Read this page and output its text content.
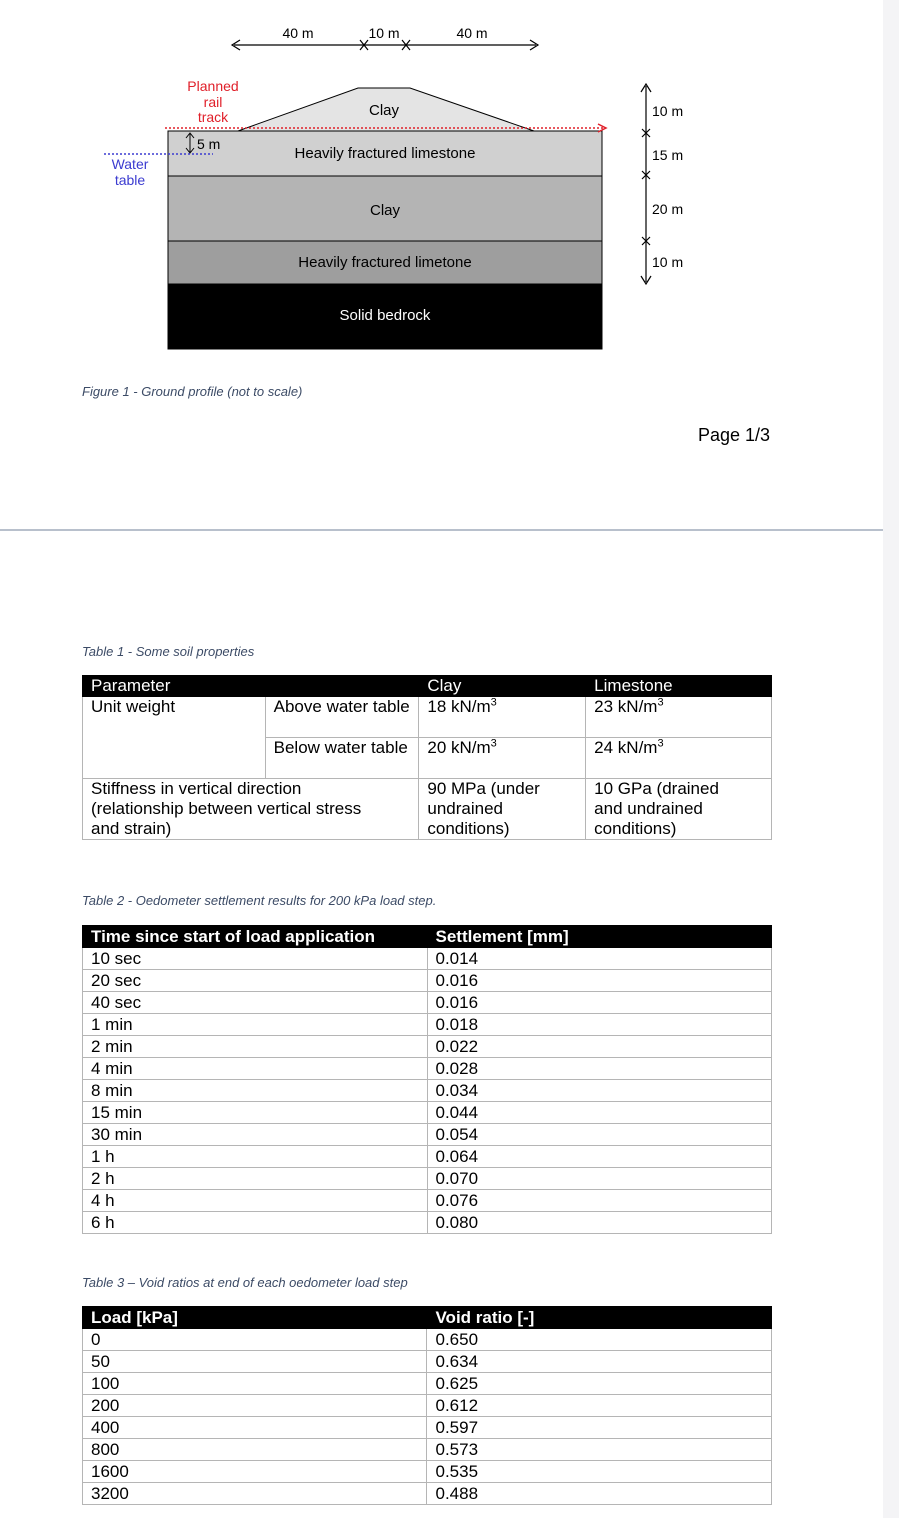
40 m	10 m	40 m
Clay
Heavily fractured limestone
Clay
Heavily fractured limetone
Solid bedrock
Planned
rail
track
Water
table
5 m
10 m
15 m
20 m
10 m
Figure 1 - Ground profile (not to scale)
Page 1/3
Table 1 - Some soil properties
Parameter		Clay	Limestone
Unit weight	Above water table	18 $kN/m^3$	23 $kN/m^3$
	Below water table	20 $kN/m^3$	24 $kN/m^3$
Stiffness in vertical direction (relationship between vertical stress and strain)		90 MPa (under undrained conditions)	10 GPa (drained and undrained conditions)
Table 2 - Oedometer settlement results for 200 kPa load step.
Time since start of load application	Settlement [mm]
10 sec	0.014
20 sec	0.016
40 sec	0.016
1 min	0.018
2 min	0.022
4 min	0.028
8 min	0.034
15 min	0.044
30 min	0.054
1 h	0.064
2 h	0.070
4 h	0.076
6 h	0.080
Table 3 – Void ratios at end of each oedometer load step
Load [kPa]	Void ratio [-]
0	0.650
50	0.634
100	0.625
200	0.612
400	0.597
800	0.573
1600	0.535
3200	0.488
